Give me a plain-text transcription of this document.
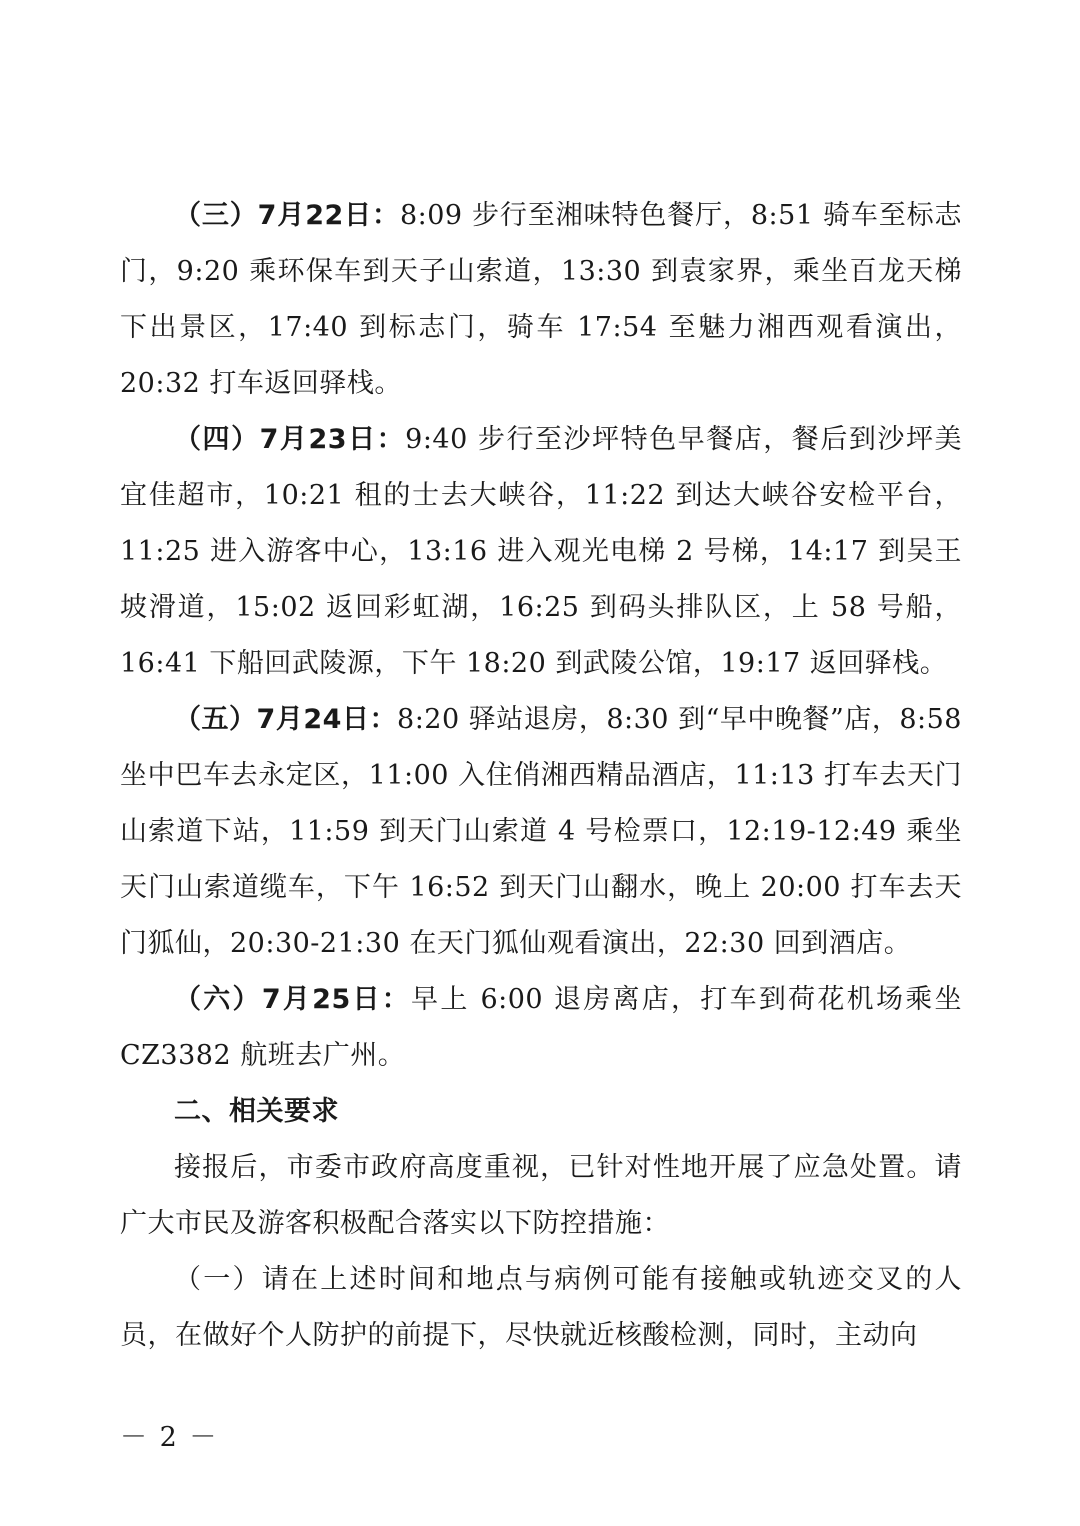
（三）7月22日：8:09 步行至湘味特色餐厅，8:51 骑车至标志门，9:20 乘环保车到天子山索道，13:30 到袁家界，乘坐百龙天梯下出景区，17:40 到标志门，骑车 17:54 至魅力湘西观看演出，20:32 打车返回驿栈。

（四）7月23日：9:40 步行至沙坪特色早餐店，餐后到沙坪美宜佳超市，10:21 租的士去大峡谷，11:22 到达大峡谷安检平台，11:25 进入游客中心，13:16 进入观光电梯 2 号梯，14:17 到吴王坡滑道，15:02 返回彩虹湖，16:25 到码头排队区，上 58 号船，16:41 下船回武陵源，下午 18:20 到武陵公馆，19:17 返回驿栈。

（五）7月24日：8:20 驿站退房，8:30 到“早中晚餐”店，8:58 坐中巴车去永定区，11:00 入住俏湘西精品酒店，11:13 打车去天门山索道下站，11:59 到天门山索道 4 号检票口，12:19-12:49 乘坐天门山索道缆车，下午 16:52 到天门山翻水，晚上 20:00 打车去天门狐仙，20:30-21:30 在天门狐仙观看演出，22:30 回到酒店。

（六）7月25日：早上 6:00 退房离店，打车到荷花机场乘坐 CZ3382 航班去广州。

二、相关要求

接报后，市委市政府高度重视，已针对性地开展了应急处置。请广大市民及游客积极配合落实以下防控措施：

（一）请在上述时间和地点与病例可能有接触或轨迹交叉的人员，在做好个人防护的前提下，尽快就近核酸检测，同时，主动向

－ 2 －
